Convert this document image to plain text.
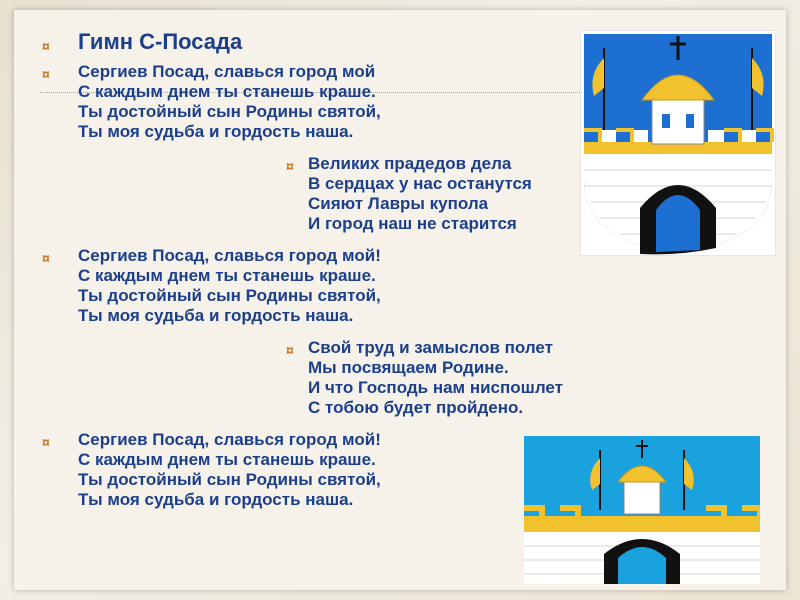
¤ Гимн С-Посада
¤ Сергиев Посад, славься город мой
С каждым днем ты станешь краше.
Ты достойный сын Родины святой,
Ты моя судьба и гордость наша.
¤ Великих прадедов дела
В сердцах у нас останутся
Сияют Лавры купола
И город наш не старится
¤ Сергиев Посад, славься город мой!
С каждым днем ты станешь краше.
Ты достойный сын Родины святой,
Ты моя судьба и гордость наша.
¤ Свой труд и замыслов полет
Мы посвящаем Родине.
И что Господь нам ниспошлет
С тобою будет пройдено.
¤ Сергиев Посад, славься город мой!
С каждым днем ты станешь краше.
Ты достойный сын Родины святой,
Ты моя судьба и гордость наша.
